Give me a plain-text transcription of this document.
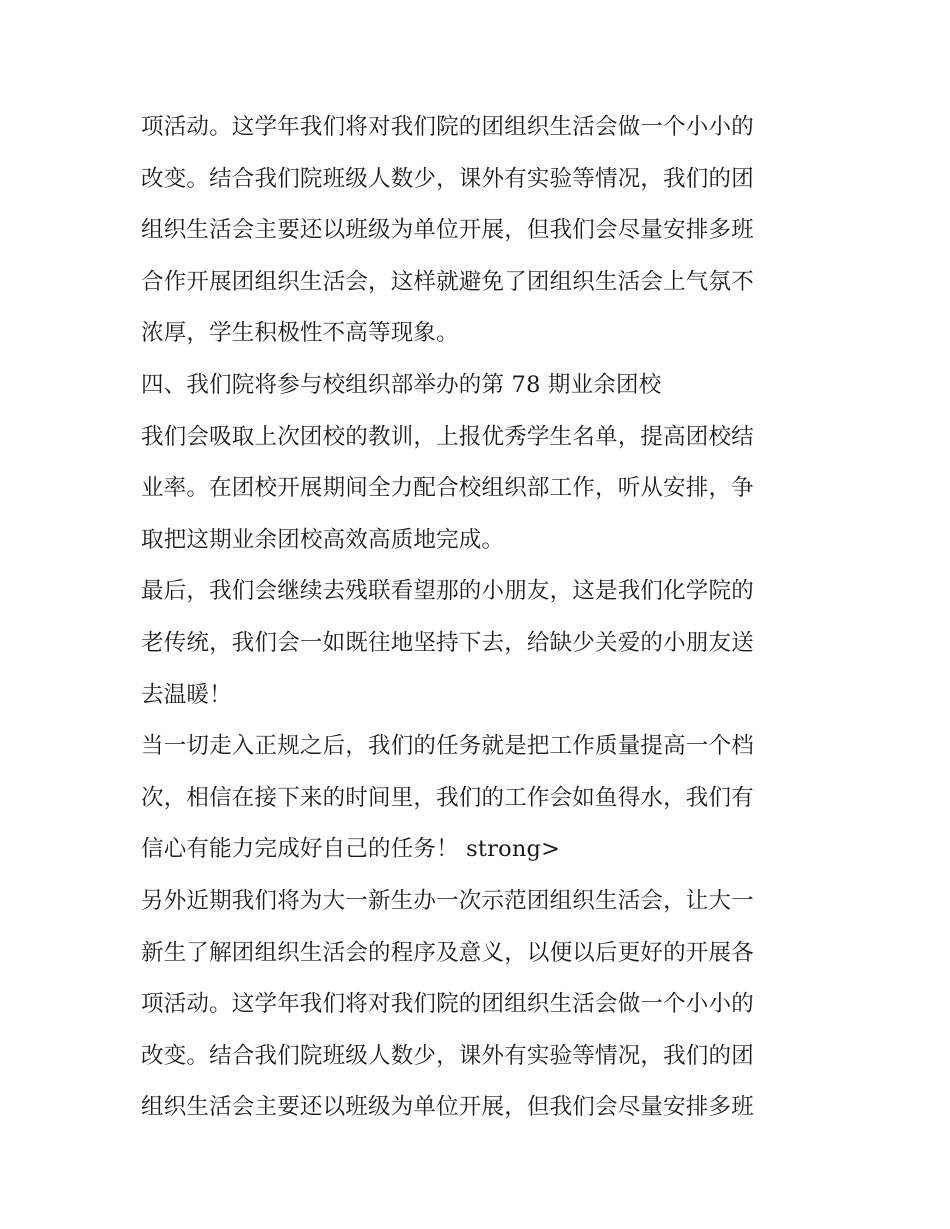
项活动。这学年我们将对我们院的团组织生活会做一个小小的
改变。结合我们院班级人数少，课外有实验等情况，我们的团
组织生活会主要还以班级为单位开展，但我们会尽量安排多班
合作开展团组织生活会，这样就避免了团组织生活会上气氛不
浓厚，学生积极性不高等现象。
四、我们院将参与校组织部举办的第 78 期业余团校
我们会吸取上次团校的教训，上报优秀学生名单，提高团校结
业率。在团校开展期间全力配合校组织部工作，听从安排，争
取把这期业余团校高效高质地完成。
最后，我们会继续去残联看望那的小朋友，这是我们化学院的
老传统，我们会一如既往地坚持下去，给缺少关爱的小朋友送
去温暖！
当一切走入正规之后，我们的任务就是把工作质量提高一个档
次，相信在接下来的时间里，我们的工作会如鱼得水，我们有
信心有能力完成好自己的任务！ strong>
另外近期我们将为大一新生办一次示范团组织生活会，让大一
新生了解团组织生活会的程序及意义，以便以后更好的开展各
项活动。这学年我们将对我们院的团组织生活会做一个小小的
改变。结合我们院班级人数少，课外有实验等情况，我们的团
组织生活会主要还以班级为单位开展，但我们会尽量安排多班
